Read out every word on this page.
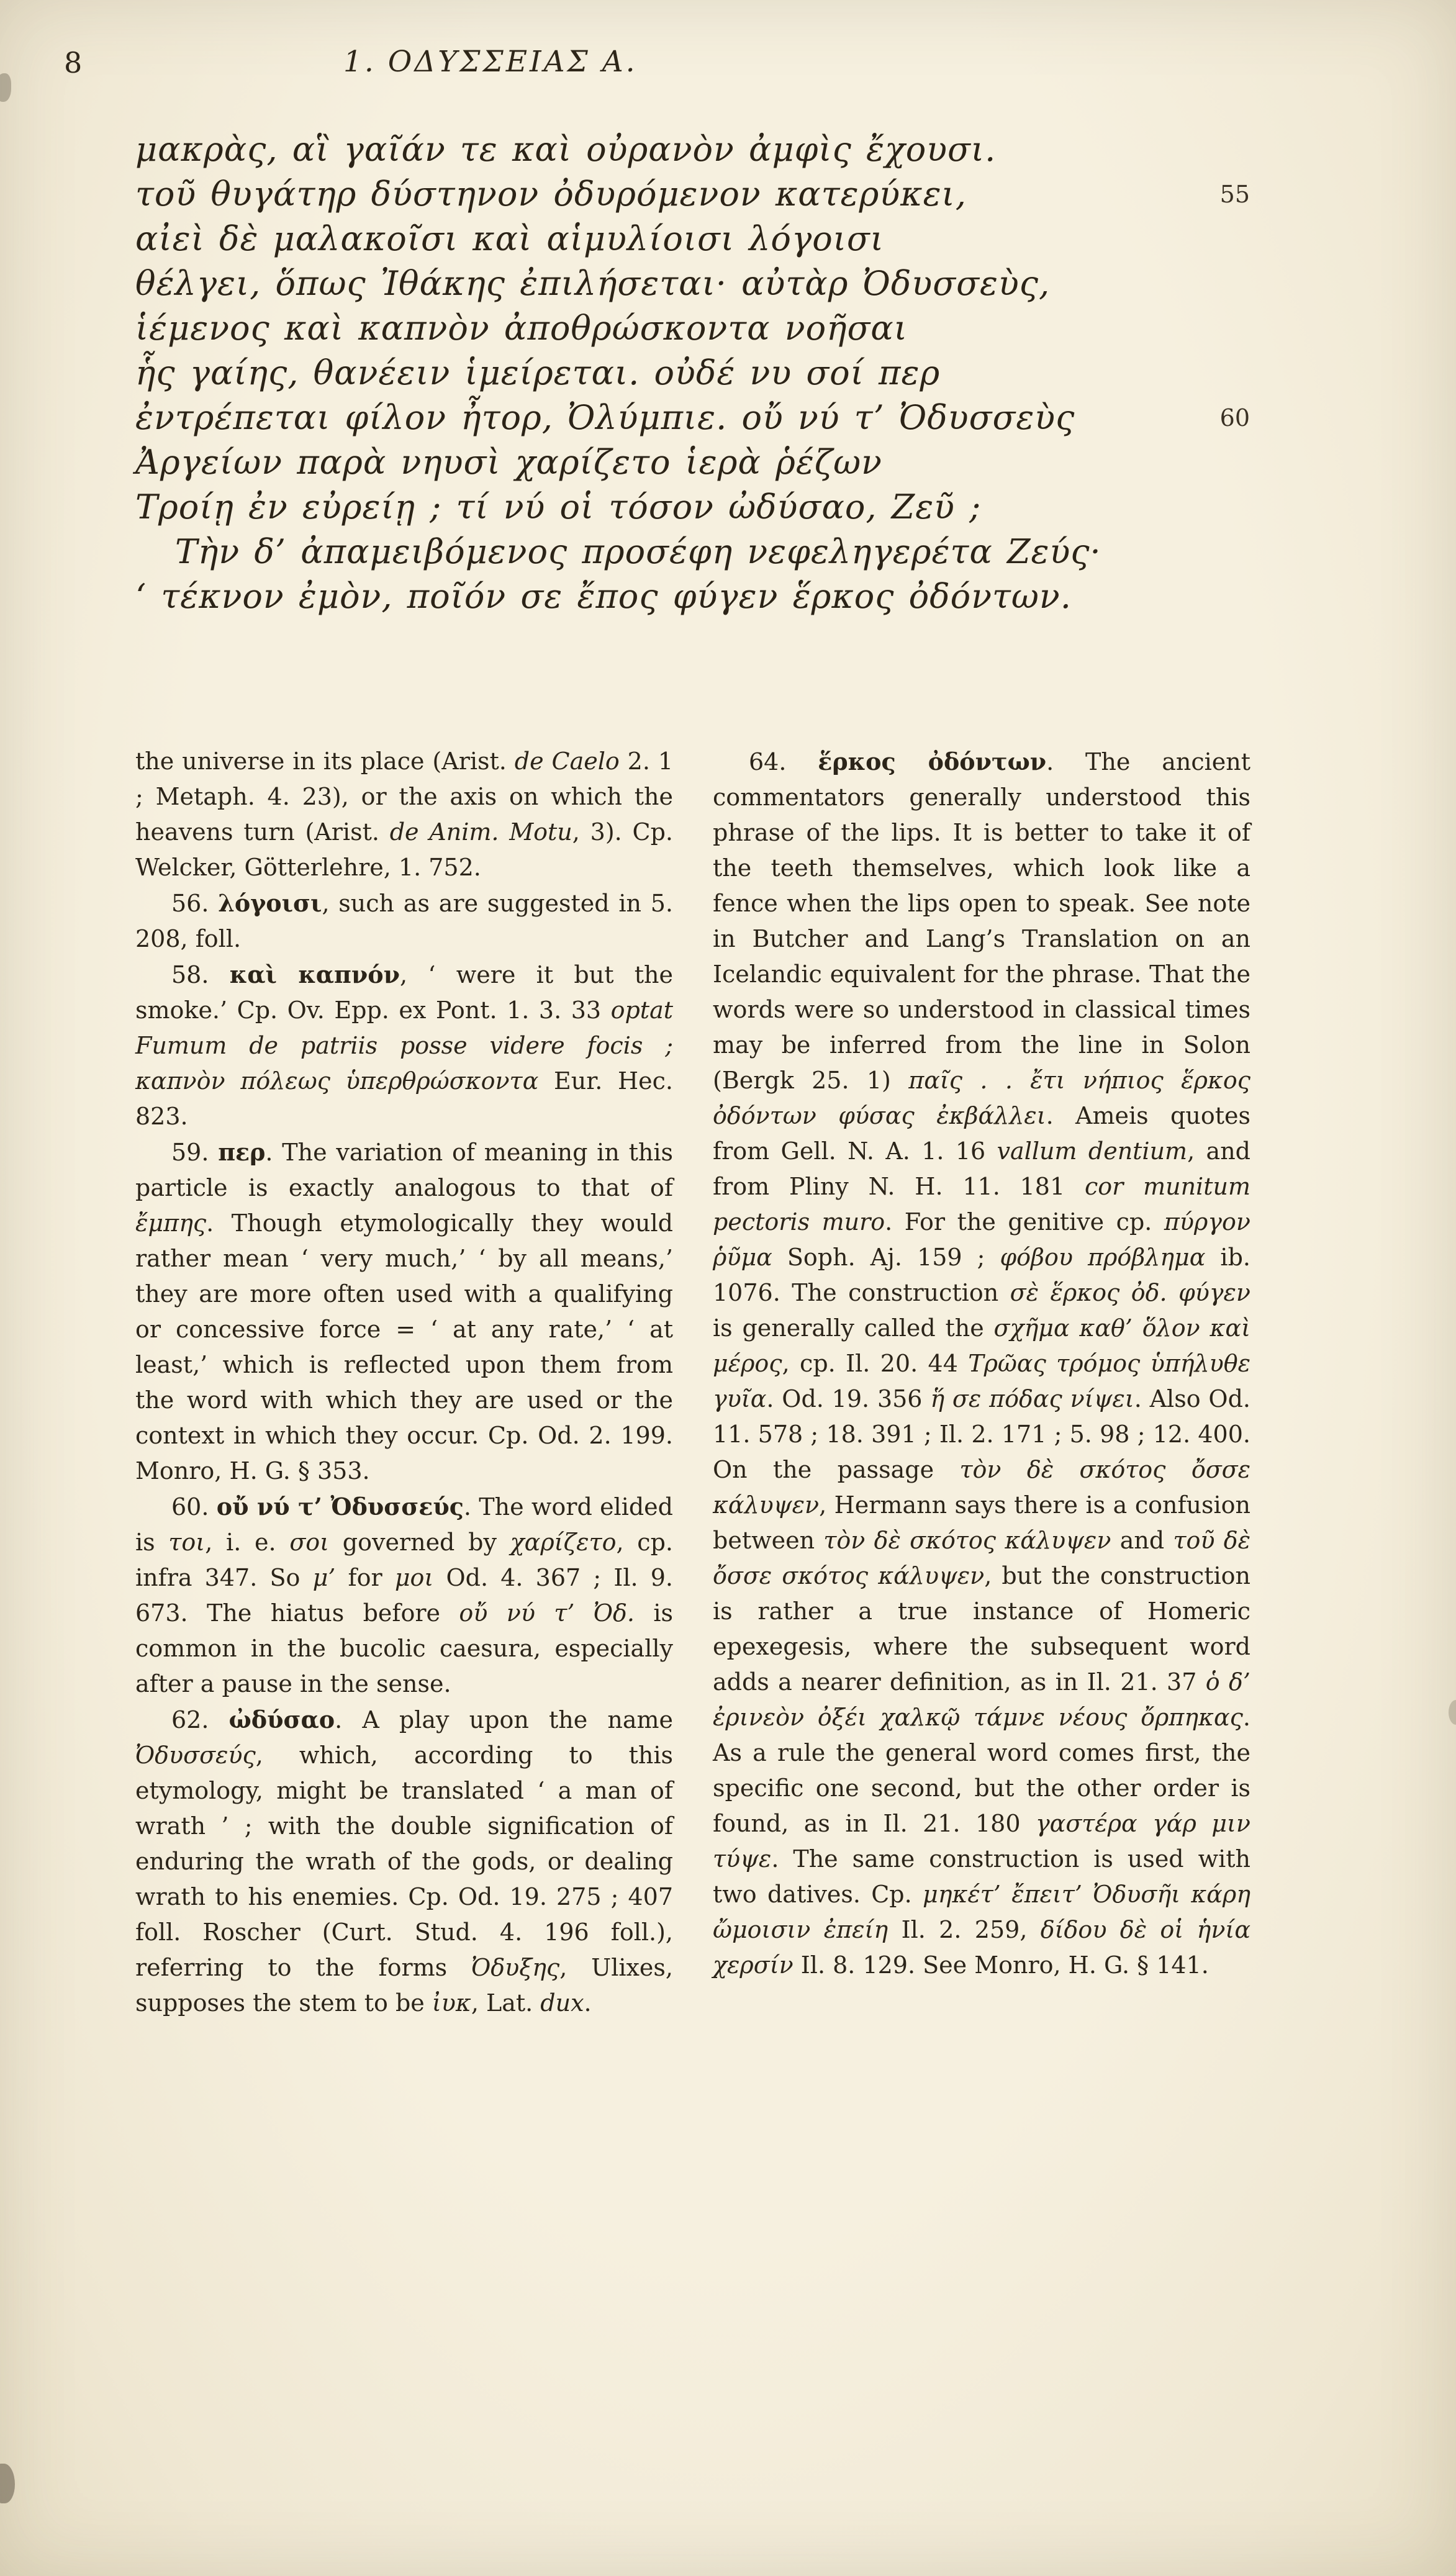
8	1. ΟΔΥΣΣΕΙΑΣ Α.
μακρὰς, αἳ γαῖάν τε καὶ οὐρανὸν ἀμφὶς ἔχουσι.
τοῦ θυγάτηρ δύστηνον ὀδυρόμενον κατερύκει,	55
αἰεὶ δὲ μαλακοῖσι καὶ αἱμυλίοισι λόγοισι
θέλγει, ὅπως Ἰθάκης ἐπιλήσεται· αὐτὰρ Ὀδυσσεὺς,
ἱέμενος καὶ καπνὸν ἀποθρώσκοντα νοῆσαι
ἧς γαίης, θανέειν ἱμείρεται. οὐδέ νυ σοί περ
ἐντρέπεται φίλον ἦτορ, Ὀλύμπιε. οὔ νύ τ’ Ὀδυσσεὺς	60
Ἀργείων παρὰ νηυσὶ χαρίζετο ἱερὰ ῥέζων
Τροίῃ ἐν εὐρείῃ ; τί νύ οἱ τόσον ὠδύσαο, Ζεῦ ;
Τὴν δ’ ἀπαμειβόμενος προσέφη νεφεληγερέτα Ζεύς·
‘ τέκνον ἐμὸν, ποῖόν σε ἔπος φύγεν ἕρκος ὀδόντων.

the universe in its place (Arist. de Caelo 2. 1 ; Metaph. 4. 23), or the axis on which the heavens turn (Arist. de Anim. Motu, 3). Cp. Welcker, Götterlehre, 1. 752.

56. λόγοισι, such as are suggested in 5. 208, foll.

58. καὶ καπνόν, ‘ were it but the smoke.’ Cp. Ov. Epp. ex Pont. 1. 3. 33 optat Fumum de patriis posse videre focis ; καπνὸν πόλεως ὑπερθρώσκοντα Eur. Hec. 823.

59. περ. The variation of meaning in this particle is exactly analogous to that of ἔμπης. Though etymologically they would rather mean ‘ very much,’ ‘ by all means,’ they are more often used with a qualifying or concessive force = ‘ at any rate,’ ‘ at least,’ which is reflected upon them from the word with which they are used or the context in which they occur. Cp. Od. 2. 199. Monro, H. G. § 353.

60. οὔ νύ τ’ Ὀδυσσεύς. The word elided is τοι, i. e. σοι governed by χαρίζετο, cp. infra 347. So μ’ for μοι Od. 4. 367 ; Il. 9. 673. The hiatus before οὔ νύ τ’ Ὀδ. is common in the bucolic caesura, especially after a pause in the sense.

62. ὠδύσαο. A play upon the name Ὀδυσσεύς, which, according to this etymology, might be translated ‘ a man of wrath ’ ; with the double signification of enduring the wrath of the gods, or dealing wrath to his enemies. Cp. Od. 19. 275 ; 407 foll. Roscher (Curt. Stud. 4. 196 foll.), referring to the forms Ὀδυξης, Ulixes, supposes the stem to be ἰυκ, Lat. dux.

64. ἕρκος ὀδόντων. The ancient commentators generally understood this phrase of the lips. It is better to take it of the teeth themselves, which look like a fence when the lips open to speak. See note in Butcher and Lang’s Translation on an Icelandic equivalent for the phrase. That the words were so understood in classical times may be inferred from the line in Solon (Bergk 25. 1) παῖς . . ἔτι νήπιος ἕρκος ὀδόντων φύσας ἐκβάλλει. Ameis quotes from Gell. N. A. 1. 16 vallum dentium, and from Pliny N. H. 11. 181 cor munitum pectoris muro. For the genitive cp. πύργον ῥῦμα Soph. Aj. 159 ; φόβου πρόβλημα ib. 1076. The construction σὲ ἕρκος ὀδ. φύγεν is generally called the σχῆμα καθ’ ὅλον καὶ μέρος, cp. Il. 20. 44 Τρῶας τρόμος ὑπήλυθε γυῖα. Od. 19. 356 ἥ σε πόδας νίψει. Also Od. 11. 578 ; 18. 391 ; Il. 2. 171 ; 5. 98 ; 12. 400. On the passage τὸν δὲ σκότος ὄσσε κάλυψεν, Hermann says there is a confusion between τὸν δὲ σκότος κάλυψεν and τοῦ δὲ ὄσσε σκότος κάλυψεν, but the construction is rather a true instance of Homeric epexegesis, where the subsequent word adds a nearer definition, as in Il. 21. 37 ὁ δ’ ἐρινεὸν ὀξέι χαλκῷ τάμνε νέους ὄρπηκας. As a rule the general word comes first, the specific one second, but the other order is found, as in Il. 21. 180 γαστέρα γάρ μιν τύψε. The same construction is used with two datives. Cp. μηκέτ’ ἔπειτ’ Ὀδυσῆι κάρη ὤμοισιν ἐπείη Il. 2. 259, δίδου δὲ οἱ ἡνία χερσίν Il. 8. 129. See Monro, H. G. § 141.
